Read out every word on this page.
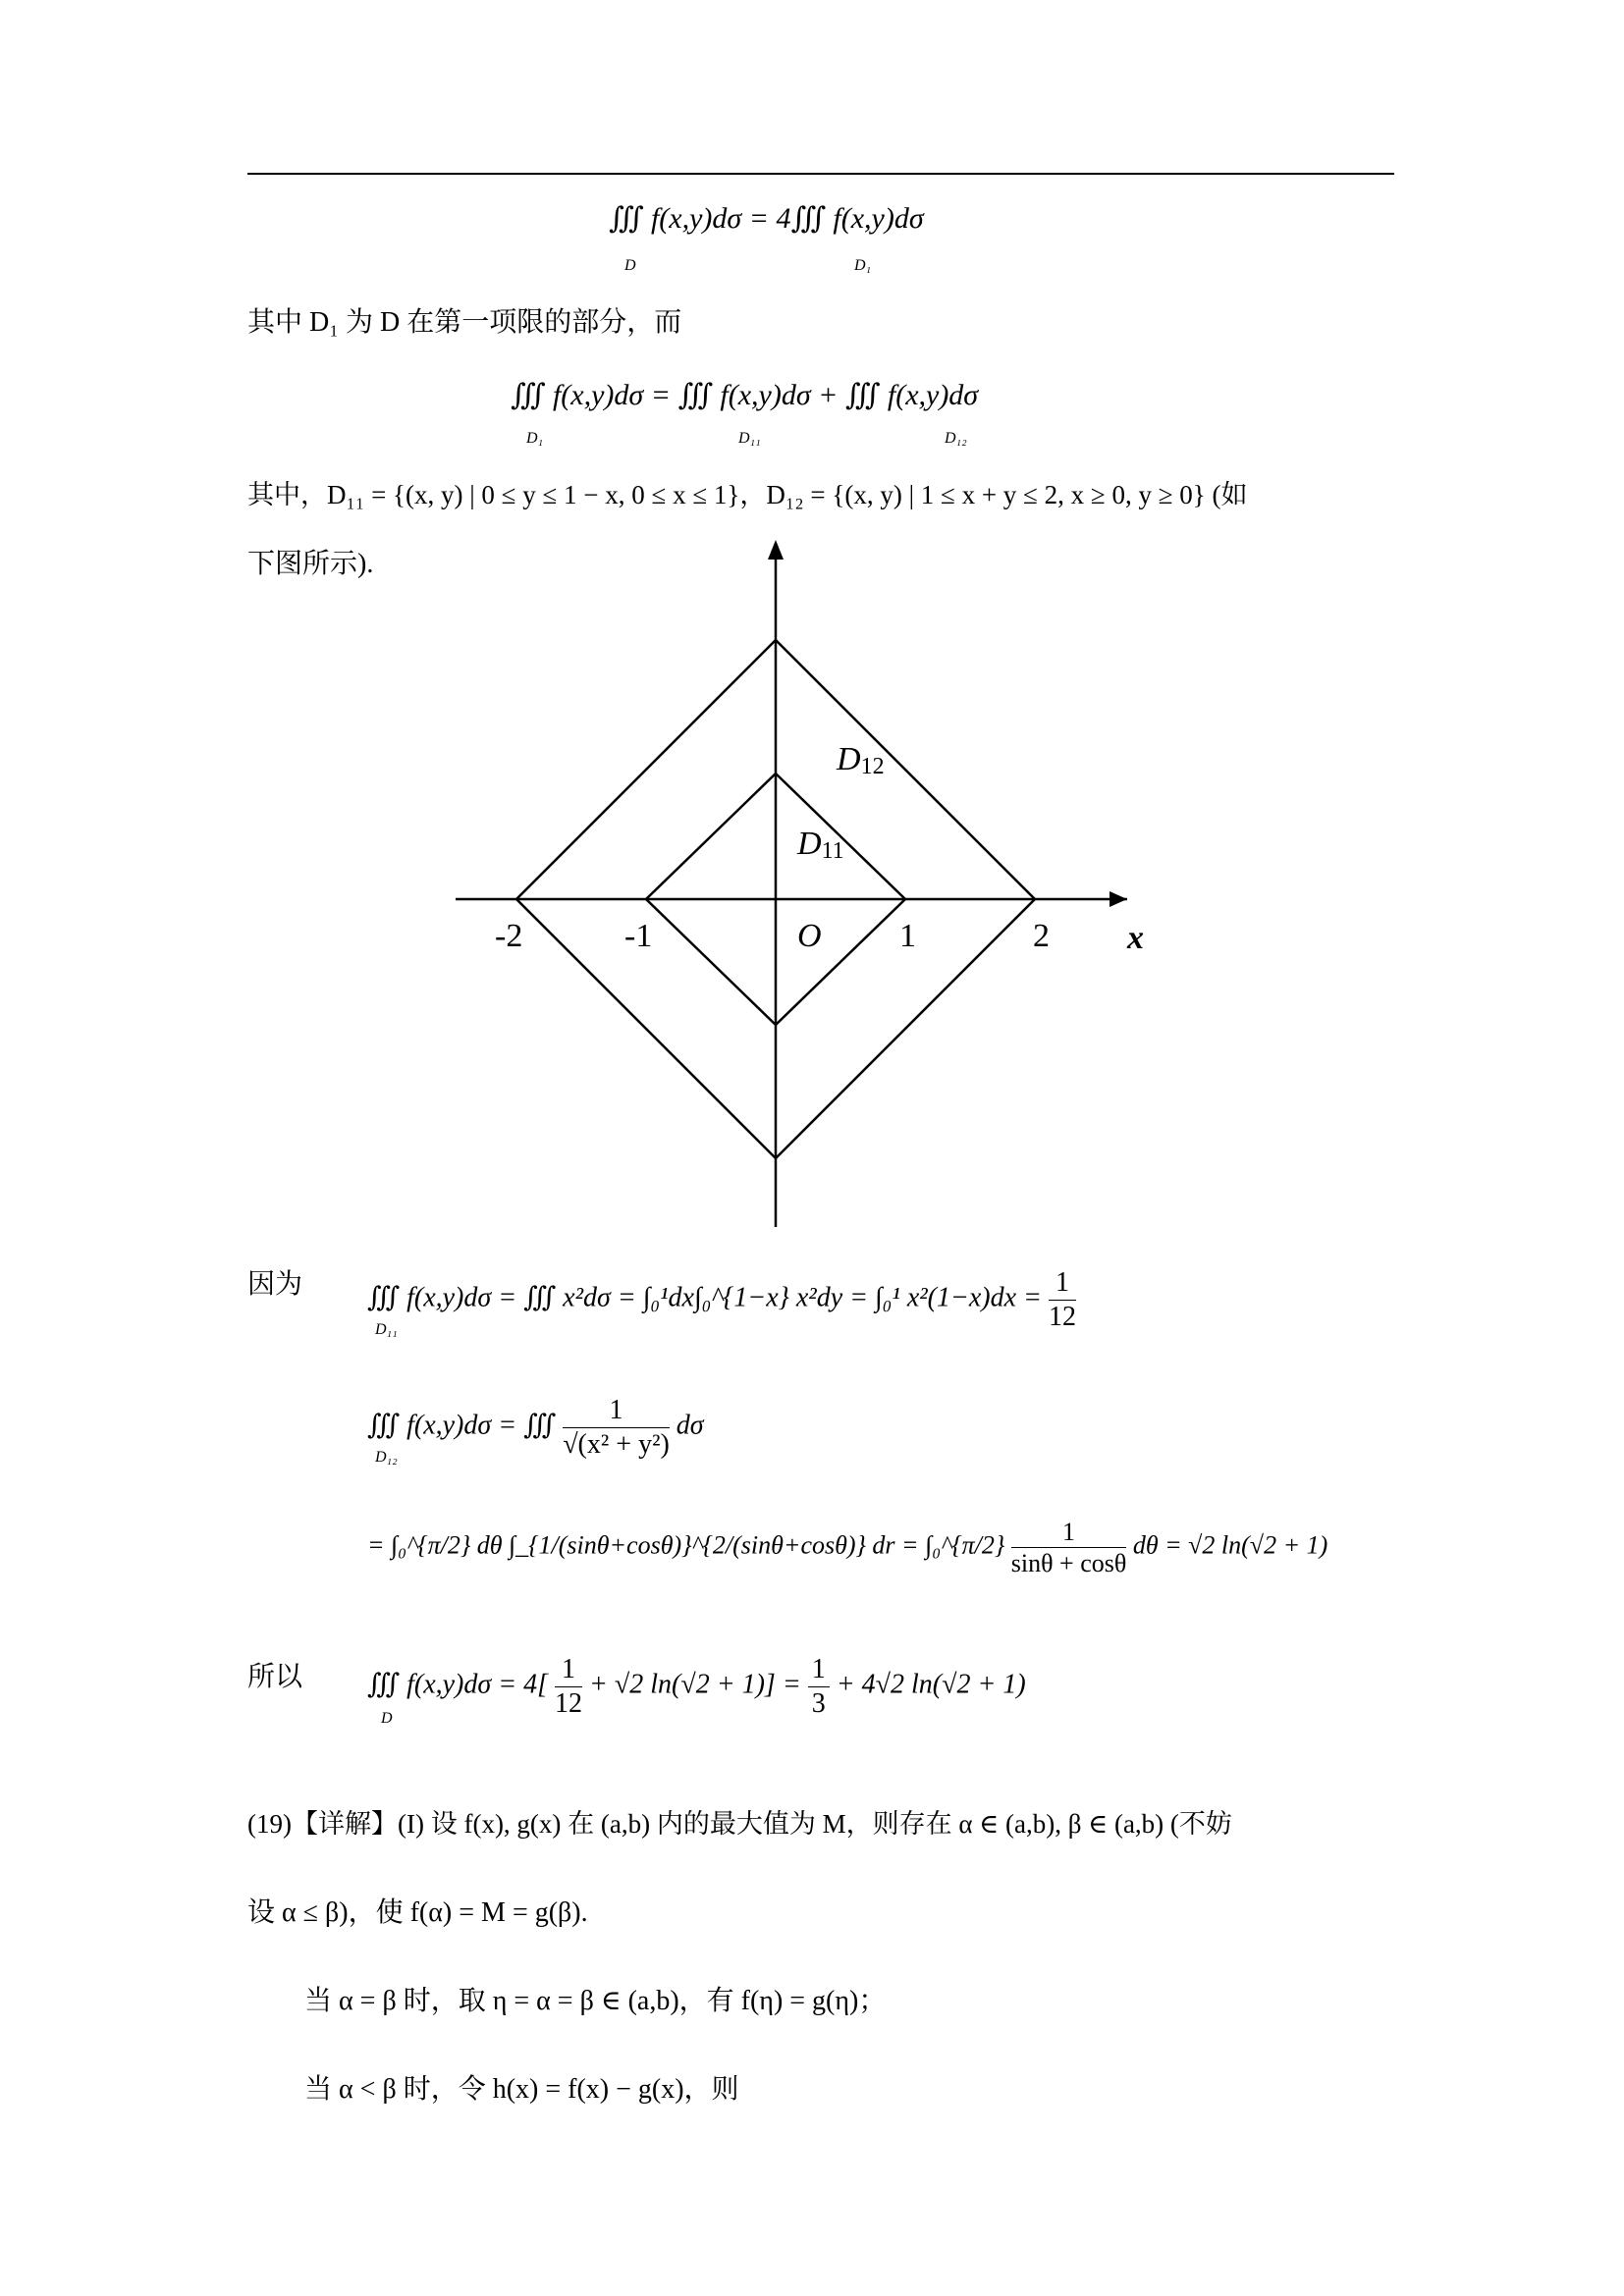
∭ f(x,y)dσ = 4∭ f(x,y)dσ
D	D₁
其中 D₁ 为 D 在第一项限的部分，而
∭ f(x,y)dσ = ∭ f(x,y)dσ + ∭ f(x,y)dσ
D₁	D₁₁	D₁₂
其中，D₁₁ = {(x, y) | 0 ≤ y ≤ 1 − x, 0 ≤ x ≤ 1}，D₁₂ = {(x, y) | 1 ≤ x + y ≤ 2, x ≥ 0, y ≥ 0} (如
下图所示).
D12
D11
-2	-1	O 1	2 x
因为 ∭ f(x,y)dσ = ∭ x²dσ = ∫₀¹dx∫₀^{1−x} x²dy = ∫₀¹ $x^2(1-x)dx = \frac{1}{12}$
D₁₁
∭ f(x,y)dσ = ∭ $\frac{1}{\text{√(x² + y²)}}$ dσ
D₁₂
= ∫₀^{π/2} dθ ∫_{1/(sinθ+cosθ)}^{2/(sinθ+cosθ)} dr = ∫₀^{π/2} $\frac{1}{\sin\theta + \cos\theta}$ dθ = √2 ln(√2 + 1)
所以 ∭ $f(x,y)d\sigma = 4[ \frac{1}{12} + √2$ $\ln(√2 + 1)] = \frac{1}{3} + 4√2$ ln(√2 + 1)
D
(19)【详解】(I) 设 f(x), g(x) 在 (a,b) 内的最大值为 M，则存在 α ∈ (a,b), β ∈ (a,b) (不妨
设 α ≤ β)，使 f(α) = M = g(β).
当 α = β 时，取 η = α = β ∈ (a,b)，有 f(η) = g(η)；
当 α < β 时，令 h(x) = f(x) − g(x)，则
